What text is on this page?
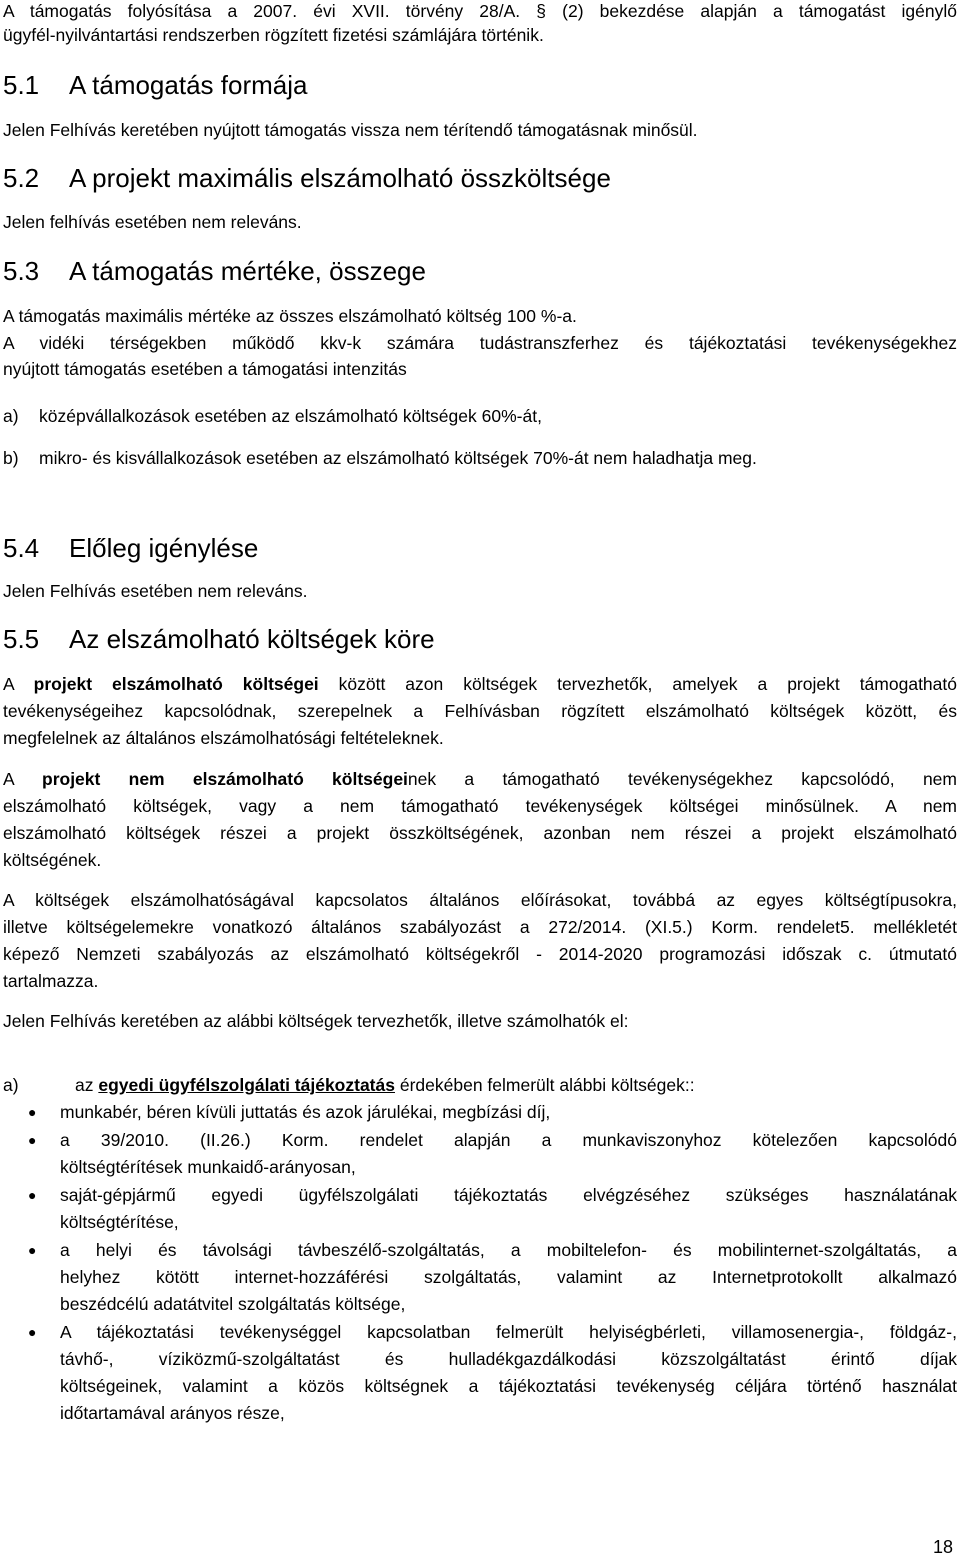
A támogatás folyósítása a 2007. évi XVII. törvény 28/A. § (2) bekezdése alapján a támogatást igénylő
ügyfél-nyilvántartási rendszerben rögzített fizetési számlájára történik.
5.1 A támogatás formája
Jelen Felhívás keretében nyújtott támogatás vissza nem térítendő támogatásnak minősül.
5.2 A projekt maximális elszámolható összköltsége
Jelen felhívás esetében nem releváns.
5.3 A támogatás mértéke, összege
A támogatás maximális mértéke az összes elszámolható költség 100 %-a.
A vidéki térségekben működő kkv-k számára tudástranszferhez és tájékoztatási tevékenységekhez
nyújtott támogatás esetében a támogatási intenzitás
a) középvállalkozások esetében az elszámolható költségek 60%-át,
b) mikro- és kisvállalkozások esetében az elszámolható költségek 70%-át nem haladhatja meg.
5.4 Előleg igénylése
Jelen Felhívás esetében nem releváns.
5.5 Az elszámolható költségek köre
A projekt elszámolható költségei között azon költségek tervezhetők, amelyek a projekt támogatható
tevékenységeihez kapcsolódnak, szerepelnek a Felhívásban rögzített elszámolható költségek között, és
megfelelnek az általános elszámolhatósági feltételeknek.
A projekt nem elszámolható költségeinek a támogatható tevékenységekhez kapcsolódó, nem
elszámolható költségek, vagy a nem támogatható tevékenységek költségei minősülnek. A nem
elszámolható költségek részei a projekt összköltségének, azonban nem részei a projekt elszámolható
költségének.
A költségek elszámolhatóságával kapcsolatos általános előírásokat, továbbá az egyes költségtípusokra,
illetve költségelemekre vonatkozó általános szabályozást a 272/2014. (XI.5.) Korm. rendelet5. mellékletét
képező Nemzeti szabályozás az elszámolható költségekről - 2014-2020 programozási időszak c. útmutató
tartalmazza.
Jelen Felhívás keretében az alábbi költségek tervezhetők, illetve számolhatók el:
a)	az egyedi ügyfélszolgálati tájékoztatás érdekében felmerült alábbi költségek::
● munkabér, béren kívüli juttatás és azok járulékai, megbízási díj,
● a 39/2010. (II.26.) Korm. rendelet alapján a munkaviszonyhoz kötelezően kapcsolódó
költségtérítések munkaidő-arányosan,
● saját-gépjármű egyedi ügyfélszolgálati tájékoztatás elvégzéséhez szükséges használatának
költségtérítése,
● a helyi és távolsági távbeszélő-szolgáltatás, a mobiltelefon- és mobilinternet-szolgáltatás, a
helyhez kötött internet-hozzáférési szolgáltatás, valamint az Internetprotokollt alkalmazó
beszédcélú adatátvitel szolgáltatás költsége,
● A tájékoztatási tevékenységgel kapcsolatban felmerült helyiségbérleti, villamosenergia-, földgáz-,
távhő-, víziközmű-szolgáltatást és hulladékgazdálkodási közszolgáltatást érintő díjak
költségeinek, valamint a közös költségnek a tájékoztatási tevékenység céljára történő használat
időtartamával arányos része,
18
